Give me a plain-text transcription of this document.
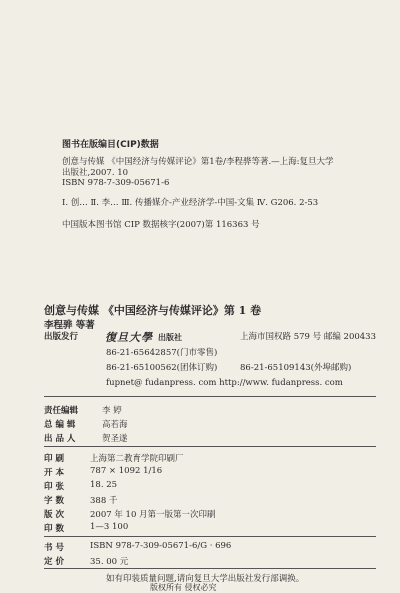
图书在版编目(CIP)数据
创意与传媒 《中国经济与传媒评论》第1卷/李程骅等著.—上海:复旦大学
出版社,2007. 10
ISBN 978-7-309-05671-6
Ⅰ. 创… Ⅱ. 李… Ⅲ. 传播媒介-产业经济学-中国-文集 Ⅳ. G206. 2-53
中国版本图书馆 CIP 数据核字(2007)第 116363 号
创意与传媒 《中国经济与传媒评论》第 1 卷
李程骅 等著
出版发行 復旦大學 出版社	上海市国权路 579 号 邮编 200433
86-21-65642857(门市零售)
86-21-65100562(团体订购)	86-21-65109143(外埠邮购)
fupnet@ fudanpress. com http://www. fudanpress. com
责任编辑	李 婷
总 编 辑	高若海
出 品 人	贺圣遂
印 刷	上海第二教育学院印刷厂
开 本	787 × 1092 1/16
印 张	18. 25
字 数	388 千
版 次	2007 年 10 月第一版第一次印刷
印 数	1—3 100
书 号	ISBN 978-7-309-05671-6/G · 696
定 价	35. 00 元
如有印装质量问题,请向复旦大学出版社发行部调换。
版权所有 侵权必究
